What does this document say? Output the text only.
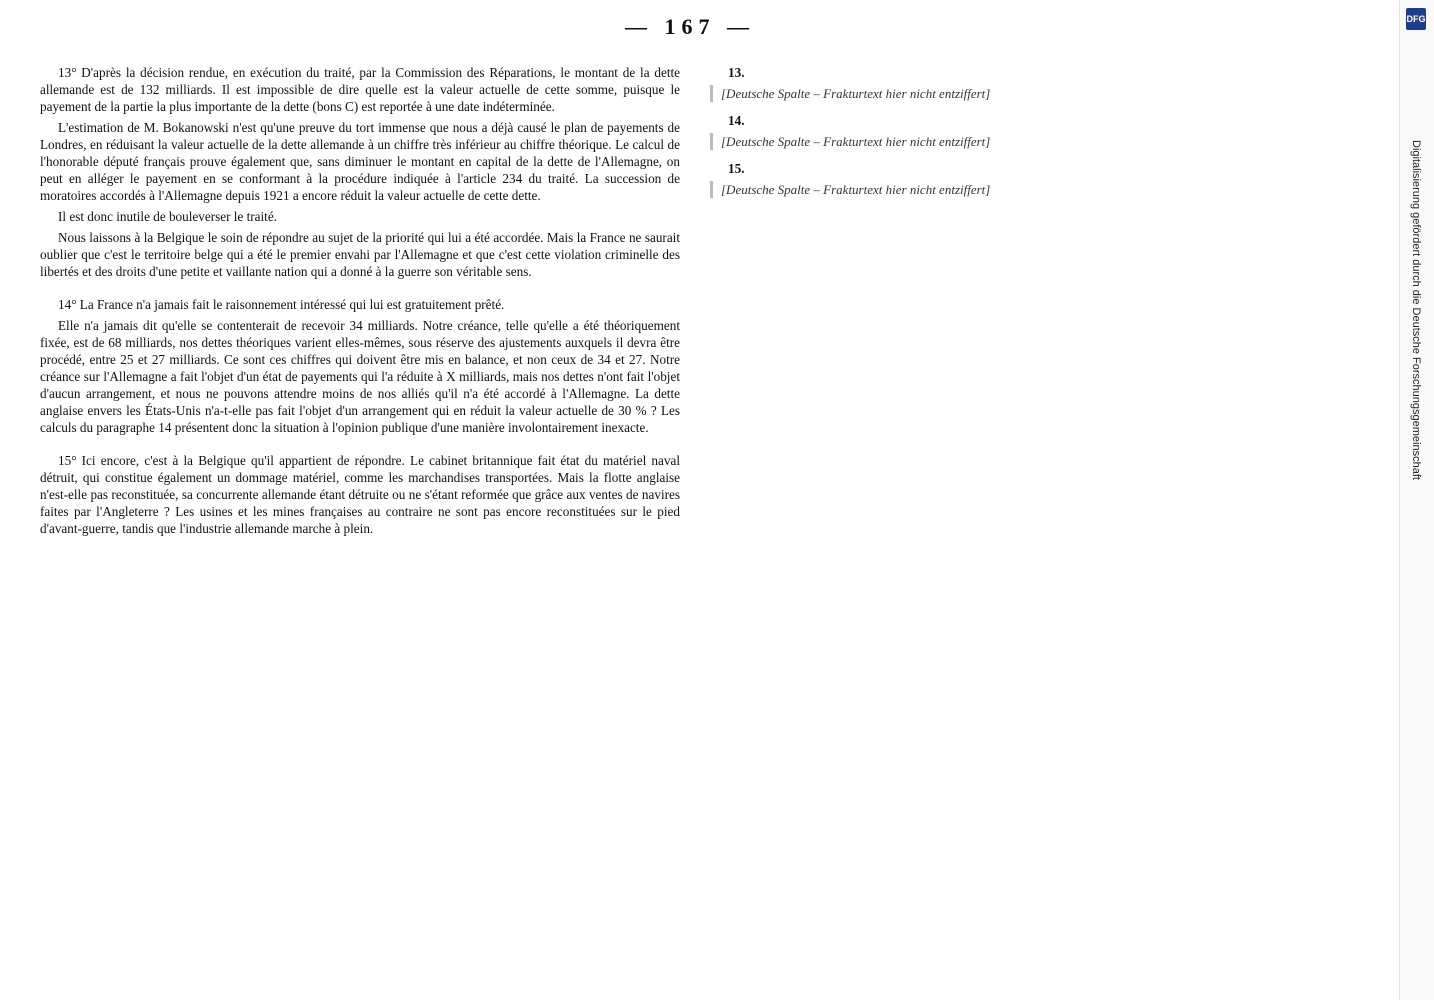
— 167 —

13° D'après la décision rendue, en exécution du traité, par la Commission des Réparations, le montant de la dette allemande est de 132 milliards. Il est impossible de dire quelle est la valeur actuelle de cette somme, puisque le payement de la partie la plus importante de la dette (bons C) est reportée à une date indéterminée.

L'estimation de M. Bokanowski n'est qu'une preuve du tort immense que nous a déjà causé le plan de payements de Londres, en réduisant la valeur actuelle de la dette allemande à un chiffre très inférieur au chiffre théorique. Le calcul de l'honorable député français prouve également que, sans diminuer le montant en capital de la dette de l'Allemagne, on peut en alléger le payement en se conformant à la procédure indiquée à l'article 234 du traité. La succession de moratoires accordés à l'Allemagne depuis 1921 a encore réduit la valeur actuelle de cette dette.

Il est donc inutile de bouleverser le traité.

Nous laissons à la Belgique le soin de répondre au sujet de la priorité qui lui a été accordée. Mais la France ne saurait oublier que c'est le territoire belge qui a été le premier envahi par l'Allemagne et que c'est cette violation criminelle des libertés et des droits d'une petite et vaillante nation qui a donné à la guerre son véritable sens.

14° La France n'a jamais fait le raisonnement intéressé qui lui est gratuitement prêté.

Elle n'a jamais dit qu'elle se contenterait de recevoir 34 milliards. Notre créance, telle qu'elle a été théoriquement fixée, est de 68 milliards, nos dettes théoriques varient elles-mêmes, sous réserve des ajustements auxquels il devra être procédé, entre 25 et 27 milliards. Ce sont ces chiffres qui doivent être mis en balance, et non ceux de 34 et 27. Notre créance sur l'Allemagne a fait l'objet d'un état de payements qui l'a réduite à X milliards, mais nos dettes n'ont fait l'objet d'aucun arrangement, et nous ne pouvons attendre moins de nos alliés qu'il n'a été accordé à l'Allemagne. La dette anglaise envers les États-Unis n'a-t-elle pas fait l'objet d'un arrangement qui en réduit la valeur actuelle de 30 % ? Les calculs du paragraphe 14 présentent donc la situation à l'opinion publique d'une manière involontairement inexacte.

15° Ici encore, c'est à la Belgique qu'il appartient de répondre. Le cabinet britannique fait état du matériel naval détruit, qui constitue également un dommage matériel, comme les marchandises transportées. Mais la flotte anglaise n'est-elle pas reconstituée, sa concurrente allemande étant détruite ou ne s'étant reformée que grâce aux ventes de navires faites par l'Angleterre ? Les usines et les mines françaises au contraire ne sont pas encore reconstituées sur le pied d'avant-guerre, tandis que l'industrie allemande marche à plein.

13.

[Deutsche Spalte – Frakturtext hier nicht entziffert]

14.

[Deutsche Spalte – Frakturtext hier nicht entziffert]

15.

[Deutsche Spalte – Frakturtext hier nicht entziffert]
DFG
Digitalisierung gefördert durch die Deutsche Forschungsgemeinschaft
